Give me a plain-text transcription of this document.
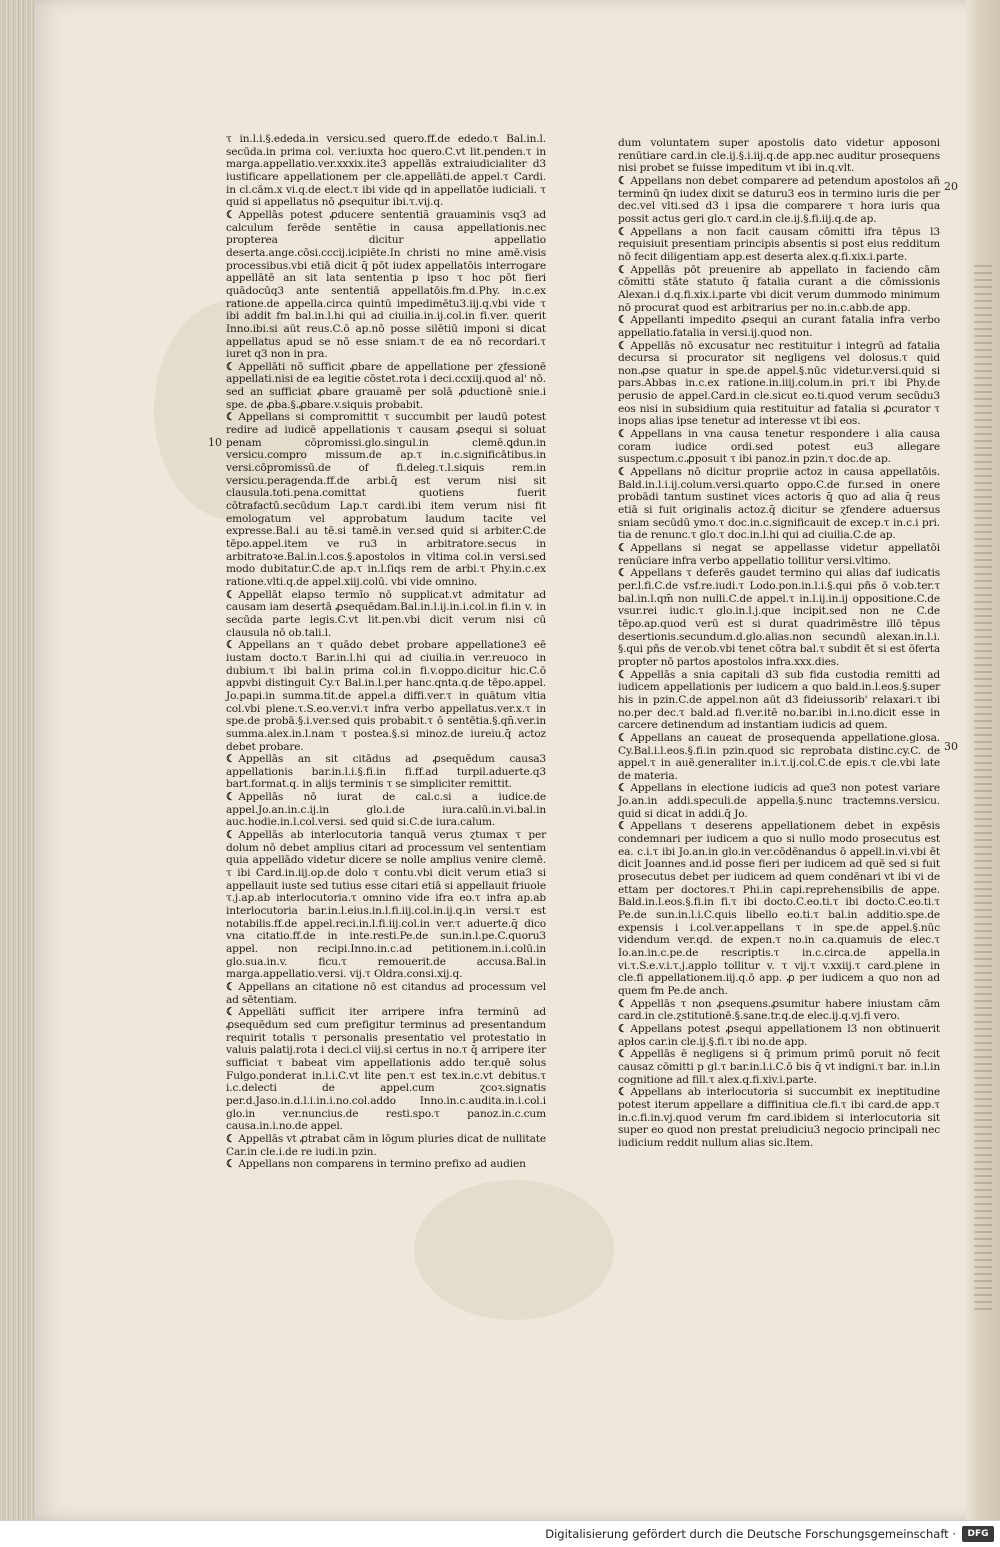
τ in.l.i.§.ededa.in versicu.sed quero.ff.de ededo.τ Bal.in.l. secūda.in prima col. ver.iuxta hoc quero.C.vt lit.penden.τ in marga.appellatio.ver.xxxix.ite3 appellās extraiudicialiter d3 iustificare appellationem per cle.appellāti.de appel.τ Cardi. in cl.cām.x vi.q.de elect.τ ibi vide qd in appellatōe iudiciali. τ quid si appellatus nō ꝓsequitur ibi.τ.vij.q.

☾ Appellās potest ꝓducere sententiã grauaminis vsq3 ad calculum ferēde sentētie in causa appellationis.nec propterea dicitur appellatio deserta.ange.cōsi.cccij.icipiēte.In christi no mine amē.visis processibus.vbi etiā dicit q̄ pōt iudex appellatōis interrogare appellātē an sit lata sententia p ipso τ hoc pōt fieri quādocūq3 ante sententiā appellatōis.fm.d.Phy. in.c.ex ratione.de appella.circa quintū impedimētu3.iij.q.vbi vide τ ibi addit fm bal.in.l.hi qui ad ciuilia.in.ij.col.in fi.ver. querit Inno.ibi.si aūt reus.C.ō ap.nō posse silētiū imponi si dicat appellatus apud se nō esse sniam.τ de ea nō recordari.τ iuret q3 non in pra.

☾ Appellāti nō sufficit ꝓbare de appellatione per ɀfessionē appellati.nisi de ea legitie cōstet.rota i deci.ccxiij.quod al' nō. sed an sufficiat ꝓbare grauamē per solā ꝓductionē snie.i spe. de ꝓba.§.ꝓbare.v.siquis probabit.

☾ Appellans si compromittit τ succumbit per laudū potest redire ad iudicē appellationis τ causam ꝓsequi si soluat penam cōpromissi.glo.singul.in clemē.ꝗdun.in versicu.compro missum.de ap.τ in.c.significātibus.in versi.cōpromissū.de of fi.deleg.τ.l.siquis rem.in versicu.peragenda.ff.de arbi.q̄ est verum nisi sit clausula.toti.pena.comittat quotiens fuerit cōtrafactū.secūdum Lap.τ cardi.ibi item verum nisi fit emologatum vel approbatum laudum tacite vel expresse.Bal.i au tē.si tamē.in ver.sed quid si arbiter.C.de tēpo.appel.item ve ru3 in arbitratore.secus in arbitratoꝛe.Bal.in.l.cos.§.apostolos in vltima col.in versi.sed modo dubitatur.C.de ap.τ in.l.ſiqs rem de arbi.τ Phy.in.c.ex ratione.vlti.q.de appel.xiij.colū. vbi vide omnino.

☾ Appellāt elapso termīo nō supplicat.vt admitatur ad causam iam desertā ꝓsequēdam.Bal.in.l.ij.in.i.col.in fi.in v. in secūda parte legis.C.vt lit.pen.vbi dicit verum nisi cū clausula nō ob.tali.l.

☾ Appellans an τ quādo debet probare appellatione3 eē iustam docto.τ Bar.in.l.hi qui ad ciuilia.in ver.reuoco in dubium.τ ibi bal.in prima col.in fi.v.oppo.dicitur hic.C.ō appvbi distinguit Cy.τ Bal.in.l.per hanc.qnta.q.de tēpo.appel. Jo.papi.in summa.tit.de appel.a diffi.ver.τ in quātum vltia col.vbi plene.τ.S.eo.ver.vi.τ infra verbo appellatus.ver.x.τ in spe.de probā.§.i.ver.sed quis probabit.τ ō sentētia.§.qn̄.ver.in summa.alex.in.l.nam τ postea.§.si minoz.de iureiu.q̄ actoz debet probare.

☾ Appellās an sit citādus ad ꝓsequēdum causa3 appellationis bar.in.l.i.§.fi.in fi.ff.ad turpil.aduerte.q3 bart.format.q. in alijs terminis τ se simpliciter remittit.

☾ Appellās nō iurat de cal.c.si a iudice.de appel.Jo.an.in.c.ij.in glo.i.de iura.calū.in.vi.bal.in auc.hodie.in.l.col.versi. sed quid si.C.de iura.calum.

☾ Appellās ab interlocutoria tanquā verus ɀtumax τ per dolum nō debet amplius citari ad processum vel sententiam quia appellādo videtur dicere se nolle amplius venire clemē. τ ibi Card.in.iij.op.de dolo τ contu.vbi dicit verum etia3 si appellauit iuste sed tutius esse citari etiā si appellauit friuole τ.j.ap.ab interlocutoria.τ omnino vide ifra eo.τ infra ap.ab interlocutoria bar.in.l.eius.in.l.fi.iij.col.in.ij.q.in versi.τ est notabilis.ff.de appel.reci.in.l.fi.iij.col.in ver.τ aduerte.q̄ dico vna citatio.ff.de in inte.resti.Pe.de sun.in.l.pe.C.quoru3 appel. non recipi.Inno.in.c.ad petitionem.in.i.colū.in glo.sua.in.v. ficu.τ remouerit.de accusa.Bal.in marga.appellatio.versi. vij.τ Oldra.consi.xij.q.

☾ Appellans an citatione nō est citandus ad processum vel ad sētentiam.

☾ Appellāti sufficit iter arripere infra terminū ad ꝓsequēdum sed cum prefigitur terminus ad presentandum requirit totalis τ personalis presentatio vel protestatio in valuis palatij.rota i deci.cl viij.si certus in no.τ q̄ arripere iter sufficiat τ babeat vim appellationis addo ter.quē solus Fulgo.ponderat in.l.i.C.vt lite pen.τ est tex.in.c.vt debitus.τ i.c.delecti de appel.cum ɀcoꝛ.signatis per.d.Jaso.in.d.l.i.in.i.no.col.addo Inno.in.c.audita.in.i.col.i glo.in ver.nuncius.de resti.spo.τ panoz.in.c.cum causa.in.i.no.de appel.

☾ Appellās vt ꝓtrabat cām in lōgum pluries dicat de nullitate Car.in cle.i.de re iudi.in pzin.

☾ Appellans non comparens in termino prefixo ad audien

dum voluntatem super apostolis dato videtur apposoni renūtiare card.in cle.ij.§.i.iij.q.de app.nec auditur prosequens nisi probet se fuisse impeditum vt ibi in.q.vlt.

☾ Appellans non debet comparere ad petendum apostolos añ terminū q̄n iudex dixit se daturu3 eos in termino iuris die per dec.vel vlti.sed d3 i ipsa die comparere τ hora iuris qua possit actus geri glo.τ card.in cle.ij.§.fi.iij.q.de ap.

☾ Appellans a non facit causam cōmitti ifra tēpus l3 requisiuit presentiam principis absentis si post eius redditum nō fecit diligentiam app.est deserta alex.q.fi.xix.i.parte.

☾ Appellās pōt preuenire ab appellato in faciendo cām cōmitti stāte statuto q̄ fatalia curant a die cōmissionis Alexan.i d.q.fi.xix.i.parte vbi dicit verum dummodo minimum nō procurat quod est arbitrarius per no.in.c.abb.de app.

☾ Appellanti impedito ꝓsequi an curant fatalia infra verbo appellatio.fatalia in versi.ij.quod non.

☾ Appellās nō excusatur nec restituitur i integrū ad fatalia decursa si procurator sit negligens vel dolosus.τ quid non.ꝓse quatur in spe.de appel.§.nūc videtur.versi.quid si pars.Abbas in.c.ex ratione.in.iiij.colum.in pri.τ ibi Phy.de perusio de appel.Card.in cle.sicut eo.ti.quod verum secūdu3 eos nisi in subsidium quia restituitur ad fatalia si ꝓcurator τ inops alias ipse tenetur ad interesse vt ibi eos.

☾ Appellans in vna causa tenetur respondere i alia causa coram iudice ordi.sed potest eu3 allegare suspectum.c.ꝓposuit τ ibi panoz.in pzin.τ doc.de ap.

☾ Appellans nō dicitur propriie actoz in causa appellatōis. Bald.in.l.i.ij.colum.versi.quarto oppo.C.de fur.sed in onere probādi tantum sustinet vices actoris q̄ quo ad alia q̄ reus etiā si fuit originalis actoz.q̄ dicitur se ɀfendere aduersus sniam secūdū ymo.τ doc.in.c.significauit de excep.τ in.c.i pri. tia de renunc.τ glo.τ doc.in.l.hi qui ad ciuilia.C.de ap.

☾ Appellans si negat se appellasse videtur appellatōi renūciare infra verbo appellatio tollitur versi.vltimo.

☾ Appellans τ deferēs gaudet termino qui alias daf iudicatis per.l.fi.C.de vsf.re.iudi.τ Lodo.pon.in.l.i.§.qui pñs ō v.ob.ter.τ bal.in.l.qm̄ non nulli.C.de appel.τ in.l.ij.in.ij oppositione.C.de vsur.rei iudic.τ glo.in.l.j.que incipit.sed non ne C.de tēpo.ap.quod verū est si durat quadrimēstre illō tēpus desertionis.secundum.d.glo.alias.non secundū alexan.in.l.i. §.qui pñs de ver.ob.vbi tenet cōtra bal.τ subdit ēt si est ōferta propter nō partos apostolos infra.xxx.dies.

☾ Appellās a snia capitali d3 sub fida custodia remitti ad iudicem appellationis per iudicem a quo bald.in.l.eos.§.super his in pzin.C.de appel.non aūt d3 fideiussorib' relaxari.τ ibi no.per dec.τ bald.ad fi.ver.itē no.bar.ibi in.i.no.dicit esse in carcere detinendum ad instantiam iudicis ad quem.

☾ Appellans an caueat de prosequenda appellatione.glosa. Cy.Bal.i.l.eos.§.fi.in pzin.quod sic reprobata distinc.cy.C. de appel.τ in auē.generaliter in.i.τ.ij.col.C.de epis.τ cle.vbi late de materia.

☾ Appellans in electione iudicis ad que3 non potest variare Jo.an.in addi.speculi.de appella.§.nunc tractemns.versicu. quid si dicat in addi.q̄ Jo.

☾ Appellans τ deserens appellationem debet in expēsis condemnari per iudicem a quo si nullo modo prosecutus est ea. c.i.τ ibi Jo.an.in glo.in ver.cōdēnandus ō appell.in.vi.vbi ēt dicit Joannes and.id posse fieri per iudicem ad quē sed si fuit prosecutus debet per iudicem ad quem condēnari vt ibi vi de ettam per doctores.τ Phi.in capi.reprehensibilis de appe. Bald.in.l.eos.§.fi.in fi.τ ibi docto.C.eo.ti.τ ibi docto.C.eo.ti.τ Pe.de sun.in.l.i.C.quis libello eo.ti.τ bal.in additio.spe.de expensis i i.col.ver.appellans τ in spe.de appel.§.nūc videndum ver.qd. de expen.τ no.in ca.quamuis de elec.τ Io.an.in.c.pe.de rescriptis.τ in.c.circa.de appella.in vi.τ.S.e.v.i.τ.j.applo tollitur v. τ vij.τ v.xxiij.τ card.plene in cle.fi appellationem.iij.q.ō app. ꝓ per iudicem a quo non ad quem fm Pe.de anch.

☾ Appellās τ non ꝓsequens.ꝓsumitur habere iniustam cām card.in cle.ɀstitutionē.§.sane.tr.q.de elec.ij.q.vj.fi vero.

☾ Appellans potest ꝓsequi appellationem l3 non obtinuerit apłos car.in cle.ij.§.fi.τ ibi no.de app.

☾ Appellās ē negligens si q̄ primum primū poruit nō fecit causaz cōmitti p gl.τ bar.in.l.i.C.ō bis q̄ vt indigni.τ bar. in.l.in cognitione ad fill.τ alex.q.fi.xiv.i.parte.

☾ Appellans ab interlocutoria si succumbit ex ineptitudine potest iterum appellare a diffinitiua cle.fi.τ ibi card.de app.τ in.c.fi.in.vj.quod verum fm card.ibidem si interlocutoria sit super eo quod non prestat preiudiciu3 negocio principali nec iudicium reddit nullum alias sic.Item.

10
20
30
Digitalisierung gefördert durch die Deutsche Forschungsgemeinschaft ·	DFG
